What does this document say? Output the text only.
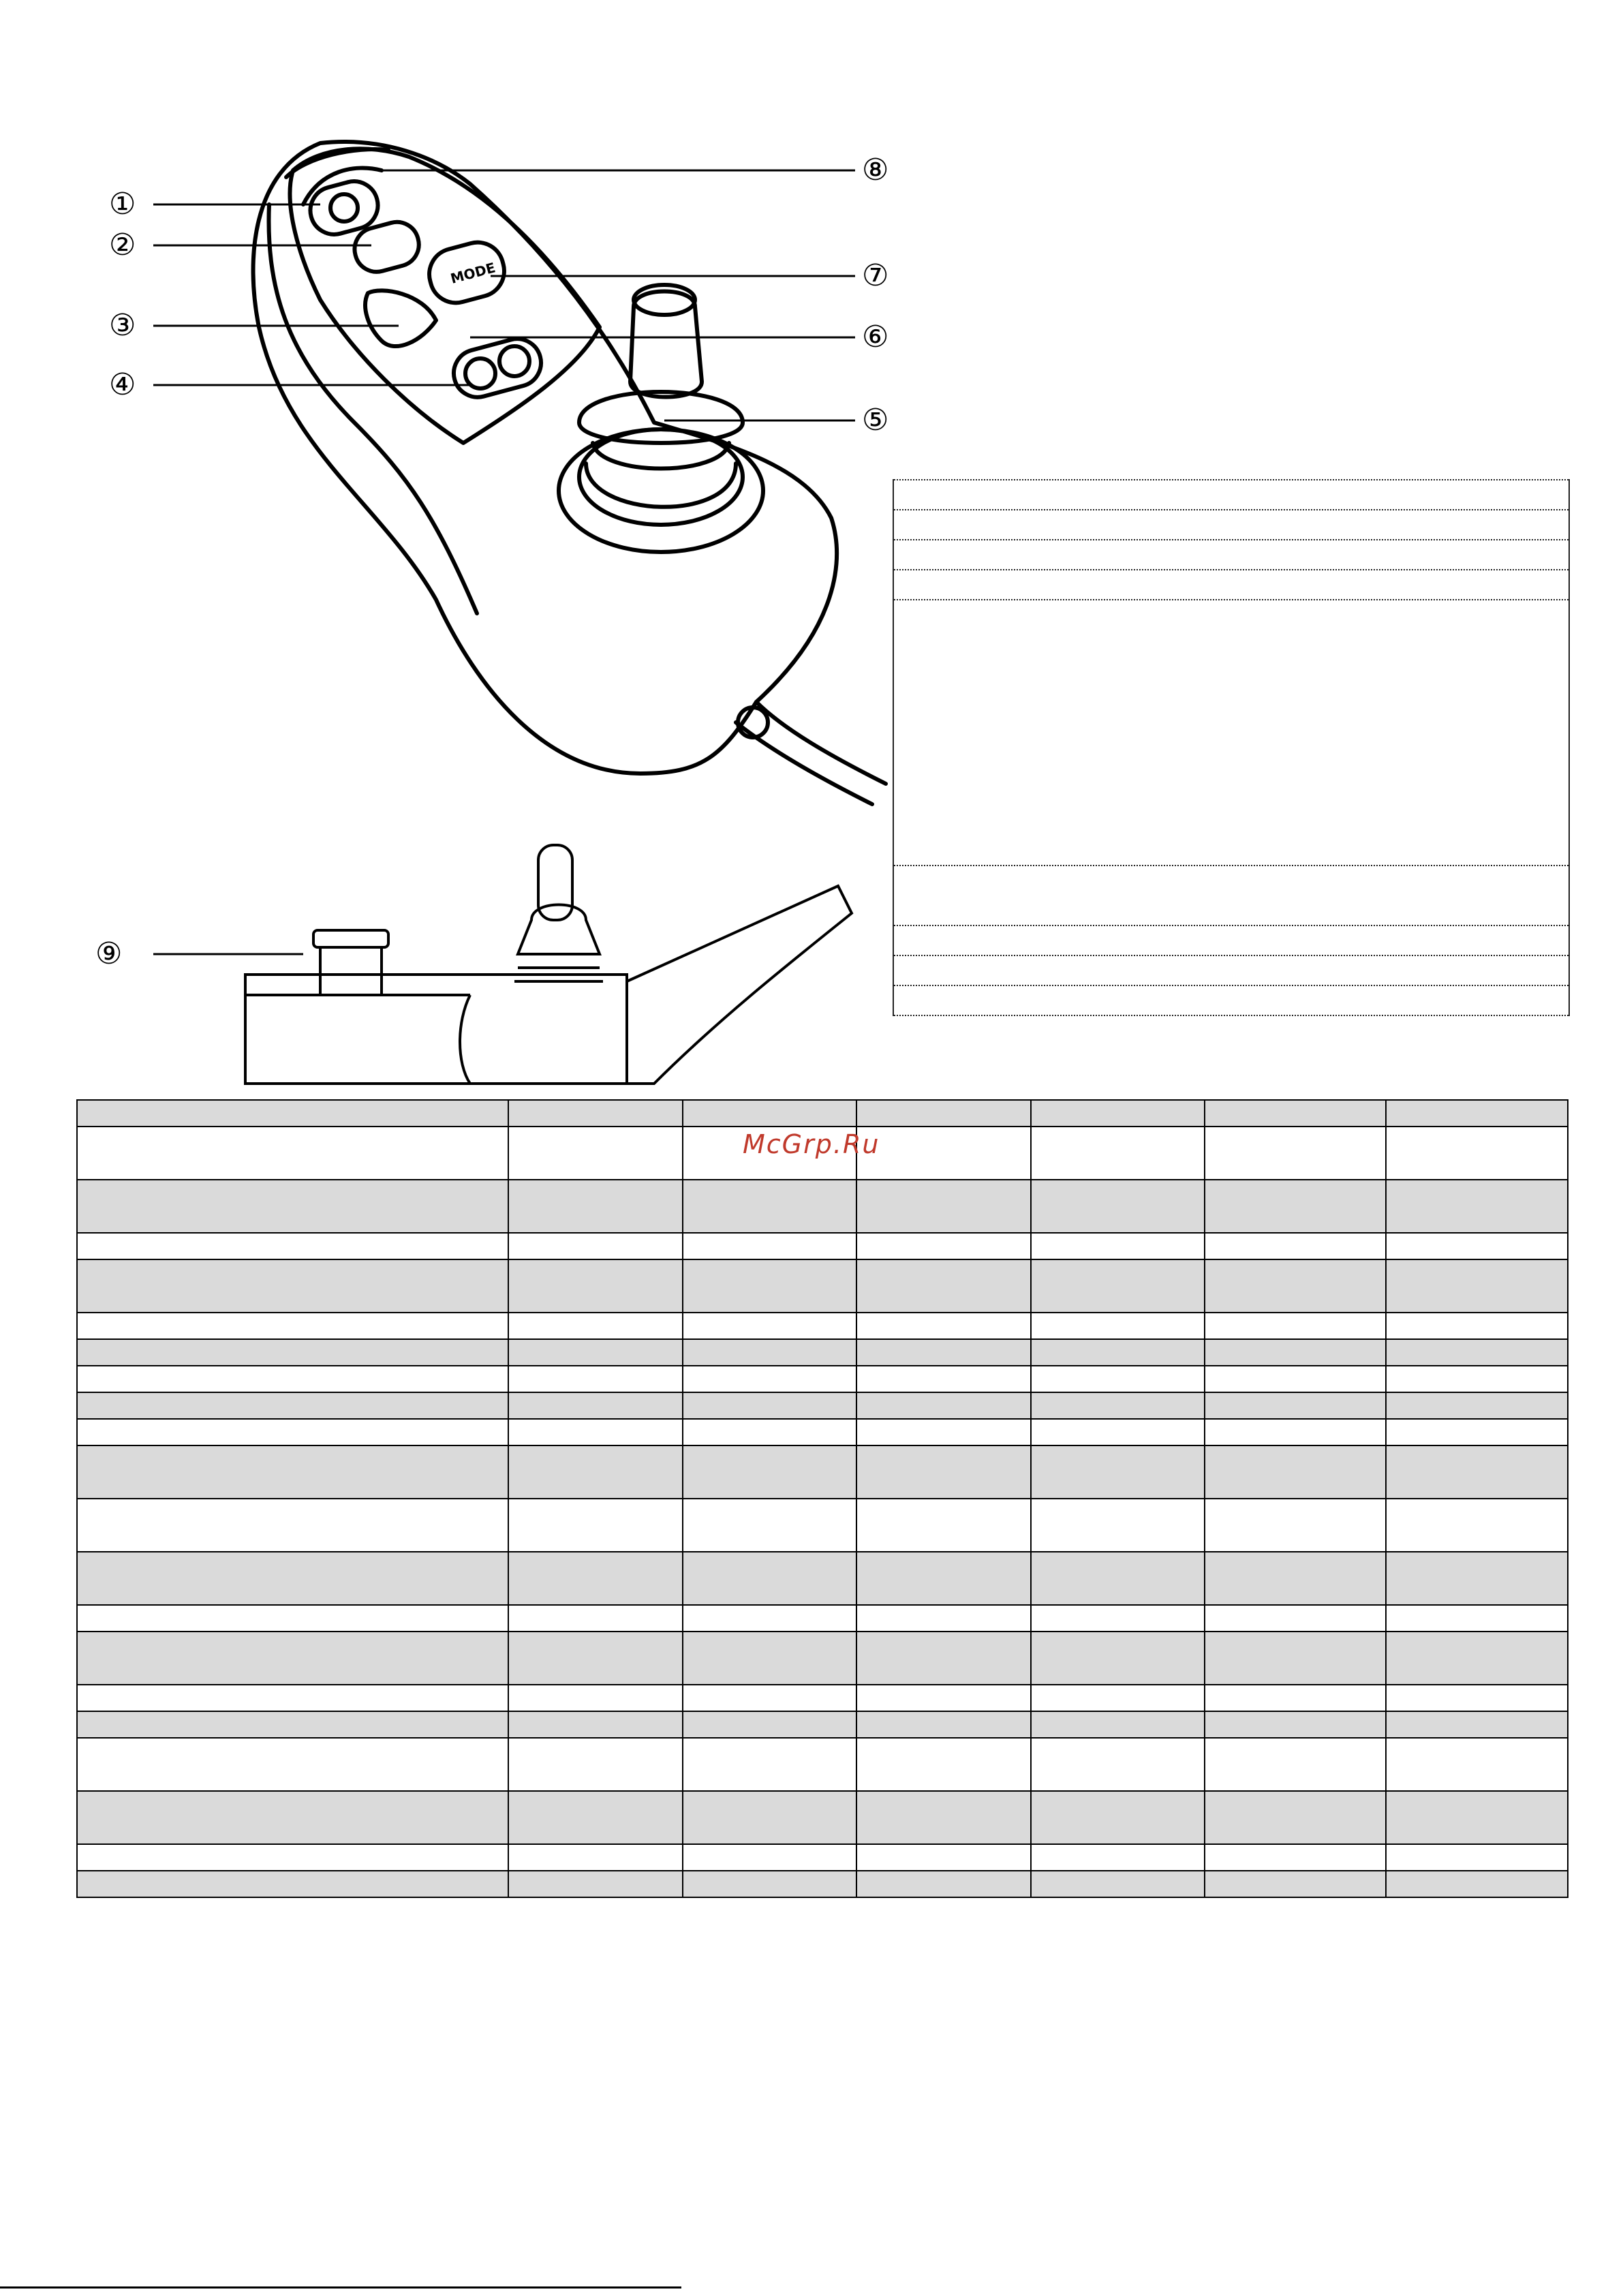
MODE
①
②
③
④
⑧
⑦
⑥
⑤
⑨

McGrp.Ru
